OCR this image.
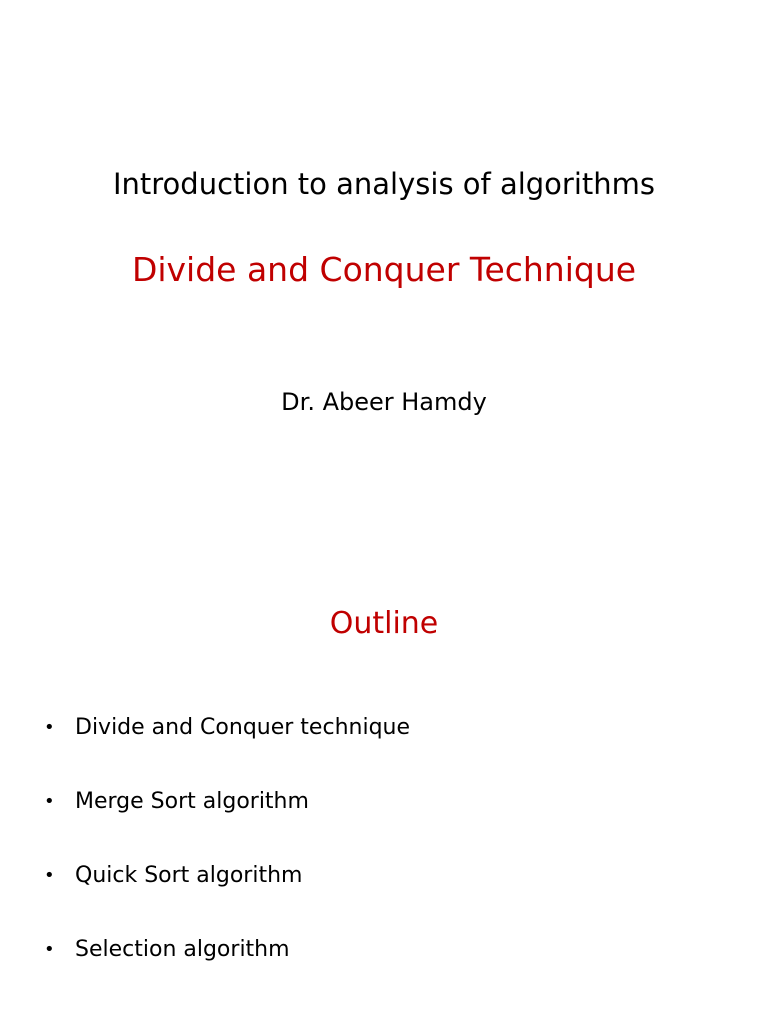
Introduction to analysis of algorithms
Divide and Conquer Technique
Dr. Abeer Hamdy
Outline
• Divide and Conquer technique
• Merge Sort algorithm
• Quick Sort algorithm
• Selection algorithm
